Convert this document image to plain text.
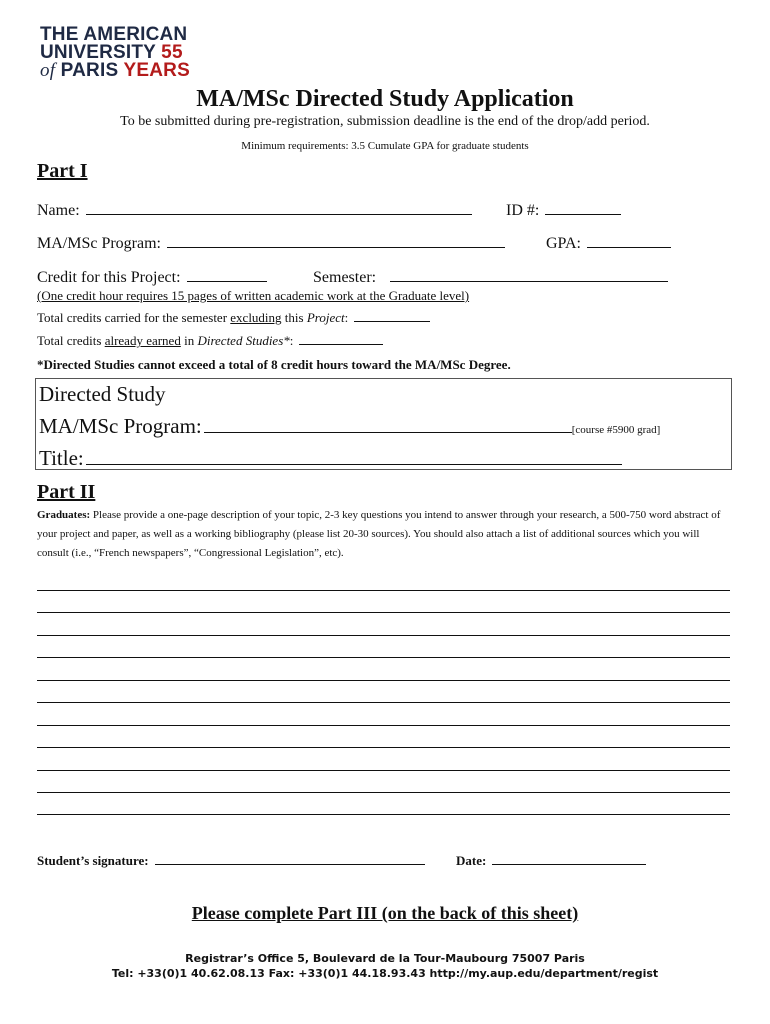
THE AMERICAN
UNIVERSITY 55
of PARIS YEARS
MA/MSc Directed Study Application
To be submitted during pre-registration, submission deadline is the end of the drop/add period.
Minimum requirements: 3.5 Cumulate GPA for graduate students
Part I
Name:	ID #:
MA/MSc Program:	GPA:
Credit for this Project:	Semester:
(One credit hour requires 15 pages of written academic work at the Graduate level)
Total credits carried for the semester excluding this Project:
Total credits already earned in Directed Studies*:
*Directed Studies cannot exceed a total of 8 credit hours toward the MA/MSc Degree.
Directed Study
MA/MSc Program:	[course #5900 grad]
Title:
Part II
Graduates: Please provide a one-page description of your topic, 2-3 key questions you intend to answer through your research, a 500-750 word abstract of your project and paper, as well as a working bibliography (please list 20-30 sources). You should also attach a list of additional sources which you will consult (i.e., “French newspapers”, “Congressional Legislation”, etc).
Student’s signature:	Date:
Please complete Part III (on the back of this sheet)
Registrar’s Office 5, Boulevard de la Tour-Maubourg 75007 Paris
Tel: +33(0)1 40.62.08.13 Fax: +33(0)1 44.18.93.43 http://my.aup.edu/department/regist
